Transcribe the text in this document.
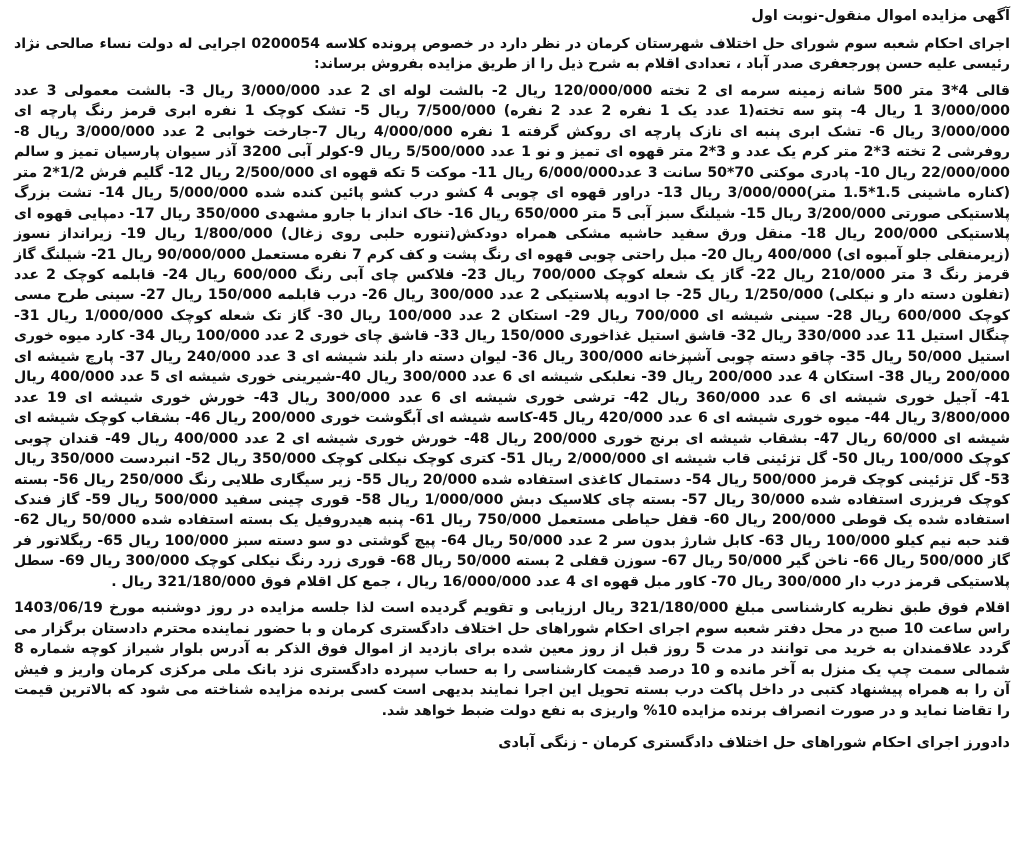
آگهی مزایده اموال منقول-نوبت اول

اجرای احکام شعبه سوم شورای حل اختلاف شهرستان کرمان در نظر دارد در خصوص پرونده کلاسه 0200054 اجرایی له دولت نساء صالحی نژاد رئیسی علیه حسن پورجعفری صدر آباد ، تعدادی اقلام به شرح ذیل را از طریق مزایده بفروش برساند:

قالی 4*3 متر 500 شانه زمینه سرمه ای 2 تخته 120/000/000 ریال 2- بالشت لوله ای 2 عدد 3/000/000 ریال 3- بالشت معمولی 3 عدد 3/000/000 1 ریال 4- پتو سه تخته(1 عدد یک 1 نفره 2 عدد 2 نفره) 7/500/000 ریال 5- تشک کوچک 1 نفره ابری قرمز رنگ پارچه ای 3/000/000 ریال 6- تشک ابری پنبه ای نازک پارچه ای روکش گرفته 1 نفره 4/000/000 ریال 7-جارخت خوابی 2 عدد 3/000/000 ریال 8- روفرشی 2 تخته 3*2 متر کرم یک عدد و 3*2 متر قهوه ای تمیز و نو 1 عدد 5/500/000 ریال 9-کولر آبی 3200 آذر سیوان پارسیان تمیز و سالم 22/000/000 ریال 10- پادری موکتی 70*50 سانت 3 عدد6/000/000 ریال 11- موکت 5 تکه قهوه ای 2/500/000 ریال 12- گلیم فرش 1/2*2 متر (کناره ماشینی 1.5*1.5 متر)3/000/000 ریال 13- دراور قهوه ای چوبی 4 کشو درب کشو پائین کنده شده 5/000/000 ریال 14- تشت بزرگ پلاستیکی صورتی 3/200/000 ریال 15- شیلنگ سبز آبی 5 متر 650/000 ریال 16- خاک انداز با جارو مشهدی 350/000 ریال 17- دمپایی قهوه ای پلاستیکی 200/000 ریال 18- منقل ورق سفید حاشیه مشکی همراه دودکش(تنوره حلبی روی زغال) 1/800/000 ریال 19- زیرانداز نسوز (زیرمنقلی جلو آمبوه ای) 400/000 ریال 20- مبل راحتی چوبی قهوه ای رنگ پشت و کف کرم 7 نفره مستعمل 90/000/000 ریال 21- شیلنگ گاز قرمز رنگ 3 متر 210/000 ریال 22- گاز یک شعله کوچک 700/000 ریال 23- فلاکس چای آبی رنگ 600/000 ریال 24- قابلمه کوچک 2 عدد (تفلون دسته دار و نیکلی) 1/250/000 ریال 25- جا ادویه پلاستیکی 2 عدد 300/000 ریال 26- درب قابلمه 150/000 ریال 27- سینی طرح مسی کوچک 600/000 ریال 28- سینی شیشه ای 700/000 ریال 29- استکان 2 عدد 100/000 ریال 30- گاز تک شعله کوچک 1/000/000 ریال 31- چنگال استیل 11 عدد 330/000 ریال 32- قاشق استیل غذاخوری 150/000 ریال 33- قاشق چای خوری 2 عدد 100/000 ریال 34- کارد میوه خوری استیل 50/000 ریال 35- چاقو دسته چوبی آشپزخانه 300/000 ریال 36- لیوان دسته دار بلند شیشه ای 3 عدد 240/000 ریال 37- پارچ شیشه ای 200/000 ریال 38- استکان 4 عدد 200/000 ریال 39- نعلبکی شیشه ای 6 عدد 300/000 ریال 40-شیرینی خوری شیشه ای 5 عدد 400/000 ریال 41- آجیل خوری شیشه ای 6 عدد 360/000 ریال 42- ترشی خوری شیشه ای 6 عدد 300/000 ریال 43- خورش خوری شیشه ای 19 عدد 3/800/000 ریال 44- میوه خوری شیشه ای 6 عدد 420/000 ریال 45-کاسه شیشه ای آبگوشت خوری 200/000 ریال 46- بشقاب کوچک شیشه ای شیشه ای 60/000 ریال 47- بشقاب شیشه ای برنج خوری 200/000 ریال 48- خورش خوری شیشه ای 2 عدد 400/000 ریال 49- قندان چوبی کوچک 100/000 ریال 50- گل تزئینی قاب شیشه ای 2/000/000 ریال 51- کتری کوچک نیکلی کوچک 350/000 ریال 52- انبردست 350/000 ریال 53- گل تزئینی کوچک قرمز 500/000 ریال 54- دستمال کاغذی استفاده شده 20/000 ریال 55- زیر سیگاری طلایی رنگ 250/000 ریال 56- بسته کوچک فریزری استفاده شده 30/000 ریال 57- بسته چای کلاسیک دبش 1/000/000 ریال 58- قوری چینی سفید 500/000 ریال 59- گاز فندک استفاده شده یک قوطی 200/000 ریال 60- قفل حیاطی مستعمل 750/000 ریال 61- پنبه هیدروفیل یک بسته استفاده شده 50/000 ریال 62- قند حبه نیم کیلو 100/000 ریال 63- کابل شارژ بدون سر 2 عدد 50/000 ریال 64- پیچ گوشتی دو سو دسته سبز 100/000 ریال 65- ریگلاتور فر گاز 500/000 ریال 66- ناخن گیر 50/000 ریال 67- سوزن قفلی 2 بسته 50/000 ریال 68- قوری زرد رنگ نیکلی کوچک 300/000 ریال 69- سطل پلاستیکی قرمز درب دار 300/000 ریال 70- کاور مبل قهوه ای 4 عدد 16/000/000 ریال ، جمع کل اقلام فوق 321/180/000 ریال .

اقلام فوق طبق نظریه کارشناسی مبلغ 321/180/000 ریال ارزیابی و تقویم گردیده است لذا جلسه مزایده در روز دوشنبه مورخ 1403/06/19 راس ساعت 10 صبح در محل دفتر شعبه سوم اجرای احکام شوراهای حل اختلاف دادگستری کرمان و با حضور نماینده محترم دادستان برگزار می گردد علاقمندان به خرید می توانند در مدت 5 روز قبل از روز معین شده برای بازدید از اموال فوق الذکر به آدرس بلوار شیراز کوچه شماره 8 شمالی سمت چپ یک منزل به آخر مانده و 10 درصد قیمت کارشناسی را به حساب سپرده دادگستری نزد بانک ملی مرکزی کرمان واریز و فیش آن را به همراه پیشنهاد کتبی در داخل پاکت درب بسته تحویل این اجرا نمایند بدیهی است کسی برنده مزایده شناخته می شود که بالاترین قیمت را تقاضا نماید و در صورت انصراف برنده مزایده 10% واریزی به نفع دولت ضبط خواهد شد.

دادورز اجرای احکام شوراهای حل اختلاف دادگستری کرمان - زنگی آبادی
